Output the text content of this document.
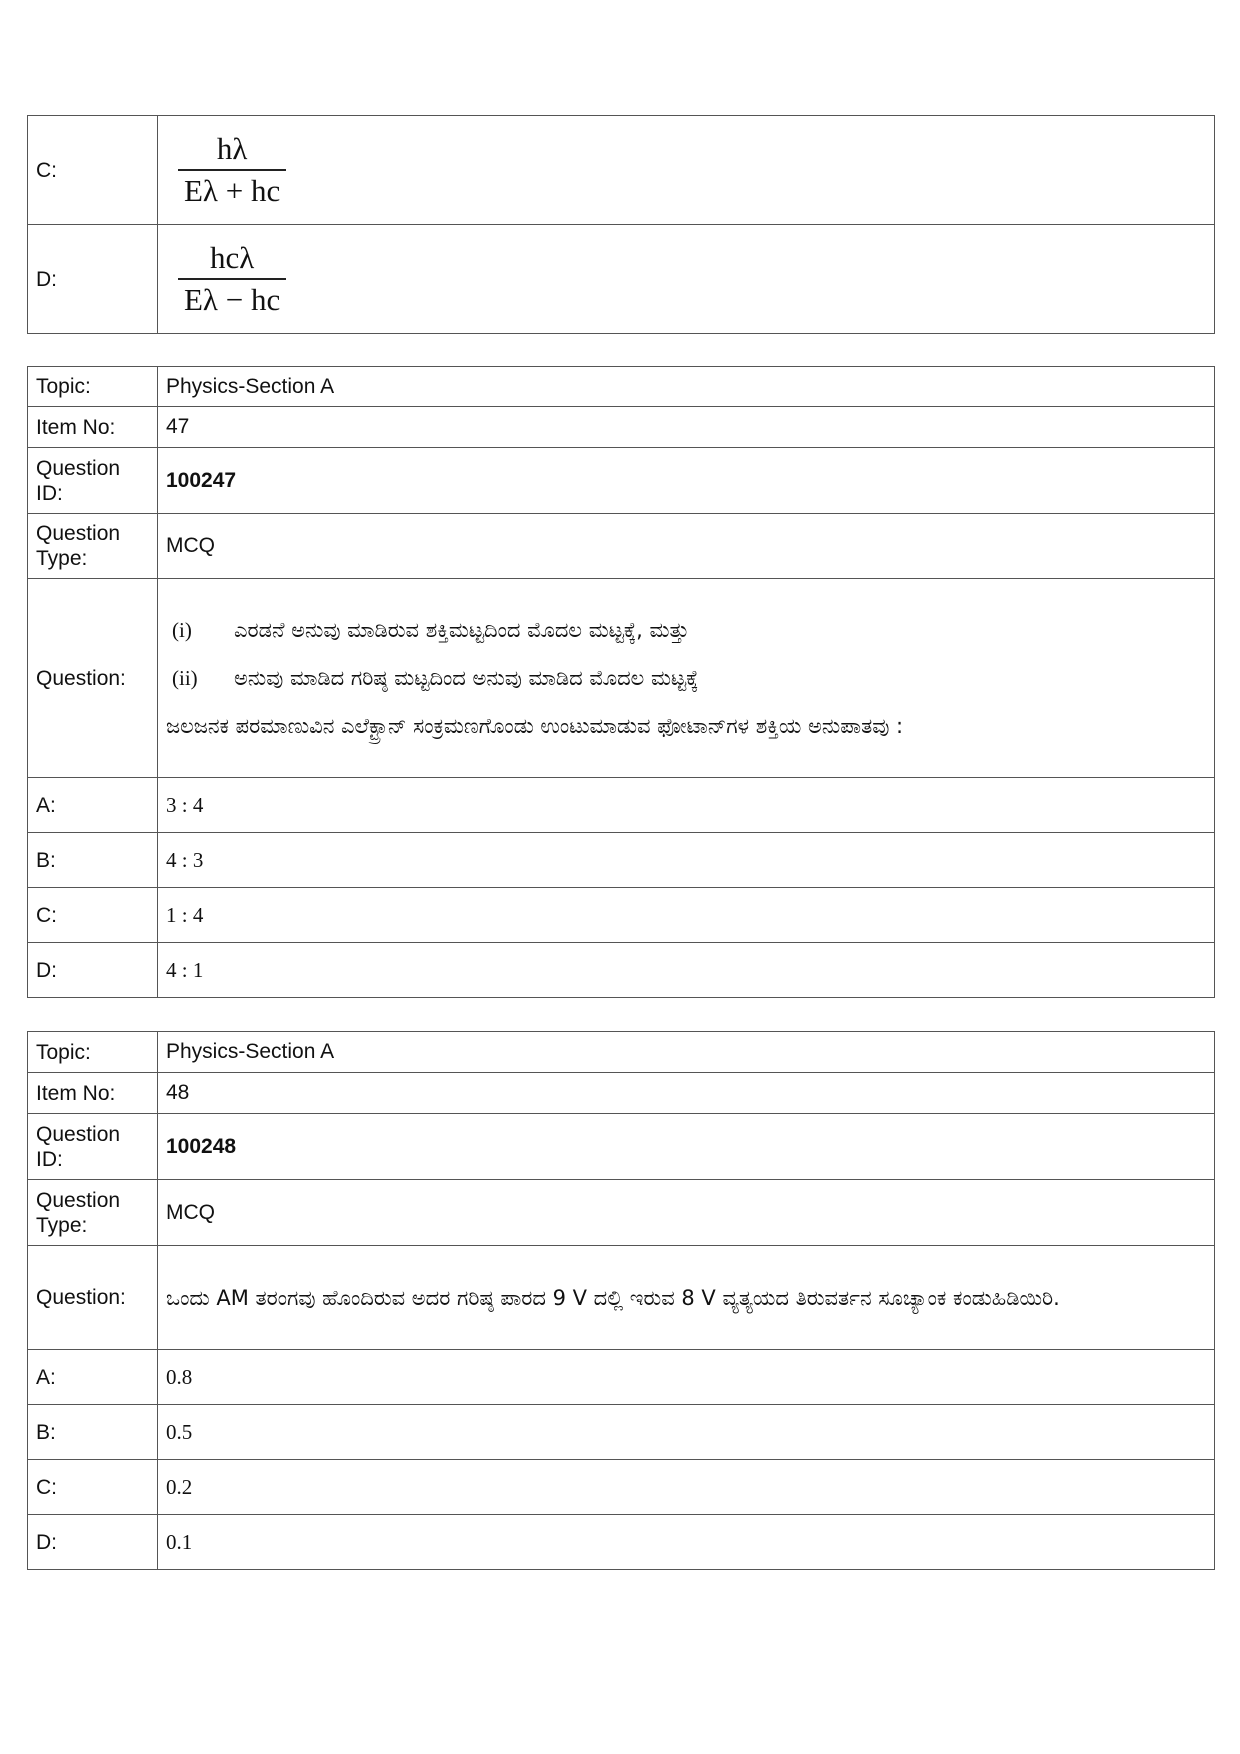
C:	$\frac{h\lambda}{E\lambda + hc}$

D:	$\frac{\text{hcλ}}{E\lambda - hc}$
Topic:	Physics-Section A
Item No:	47
Question ID:	100247
Question Type:	MCQ
Question:	(i) ಎರಡನೆ ಅನುವು ಮಾಡಿರುವ ಶಕ್ತಿಮಟ್ಟದಿಂದ ಮೊದಲ ಮಟ್ಟಕ್ಕೆ, ಮತ್ತು
(ii) ಅನುವು ಮಾಡಿದ ಗರಿಷ್ಠ ಮಟ್ಟದಿಂದ ಅನುವು ಮಾಡಿದ ಮೊದಲ ಮಟ್ಟಕ್ಕೆ
ಜಲಜನಕ ಪರಮಾಣುವಿನ ಎಲೆಕ್ಟ್ರಾನ್ ಸಂಕ್ರಮಣಗೊಂಡು ಉಂಟುಮಾಡುವ ಫೋಟಾನ್‌ಗಳ ಶಕ್ತಿಯ ಅನುಪಾತವು :

A:	3 : 4
B:	4 : 3
C:	1 : 4
D:	4 : 1
Topic:	Physics-Section A
Item No:	48
Question ID:	100248
Question Type:	MCQ
Question:	ಒಂದು AM ತರಂಗವು ಹೊಂದಿರುವ ಅದರ ಗರಿಷ್ಠ ಪಾರದ 9 V ದಲ್ಲಿ ಇರುವ 8 V ವ್ಯತ್ಯಯದ ತಿರುವರ್ತನ ಸೂಚ್ಯಾಂಕ ಕಂಡುಹಿಡಿಯಿರಿ.
A:	0.8
B:	0.5
C:	0.2
D:	0.1
